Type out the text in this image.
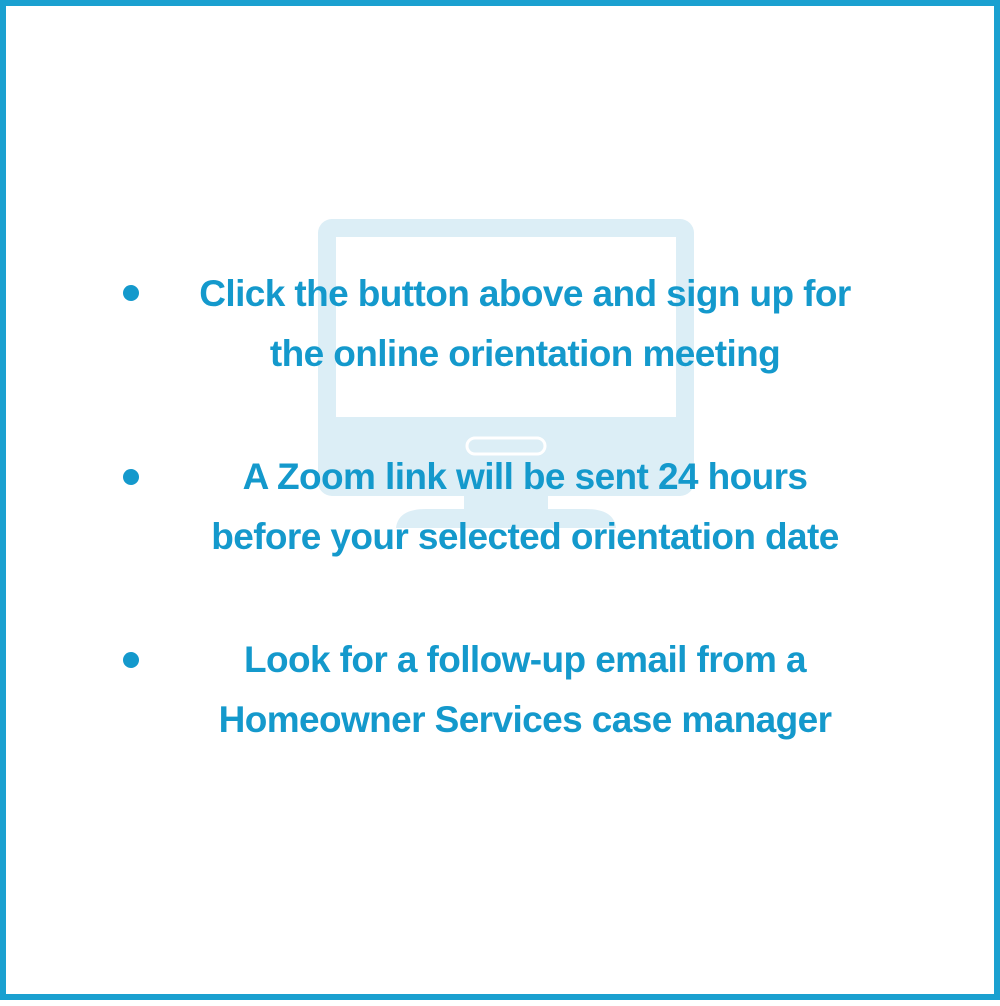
Click the button above and sign up for
the online orientation meeting
A Zoom link will be sent 24 hours
before your selected orientation date
Look for a follow-up email from a
Homeowner Services case manager
